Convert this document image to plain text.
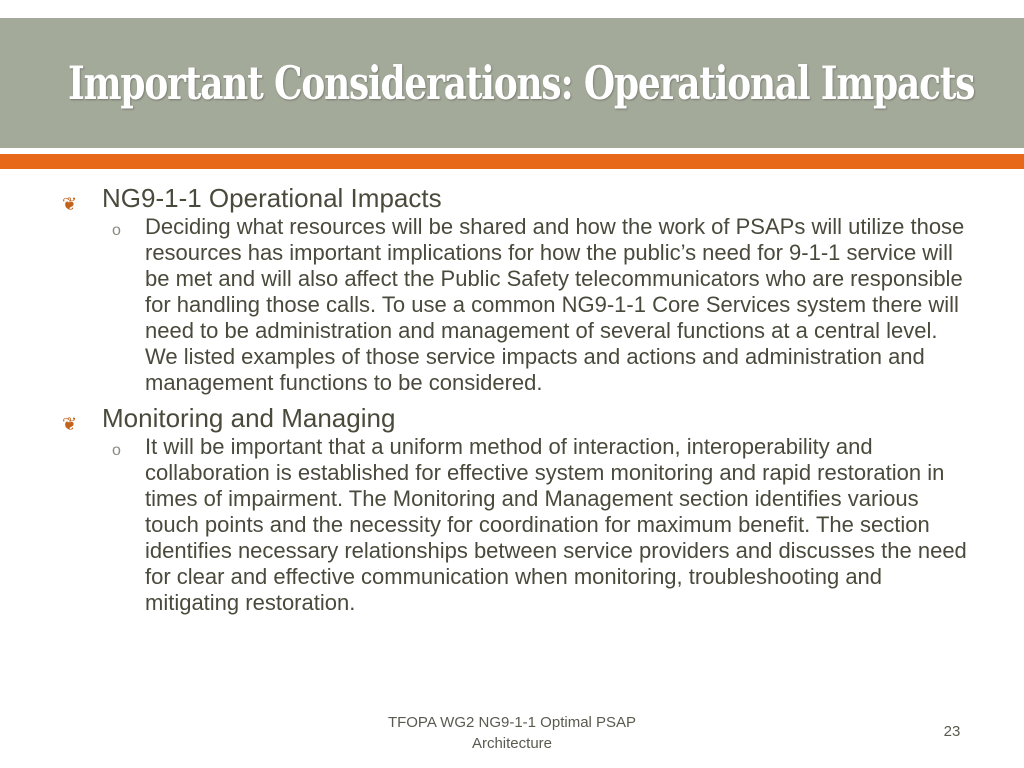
Important Considerations: Operational Impacts
❦ NG9-1-1 Operational Impacts
o Deciding what resources will be shared and how the work of PSAPs will utilize those resources has important implications for how the public’s need for 9-1-1 service will be met and will also affect the Public Safety telecommunicators who are responsible for handling those calls. To use a common NG9-1-1 Core Services system there will need to be administration and management of several functions at a central level. We listed examples of those service impacts and actions and administration and management functions to be considered.
❦ Monitoring and Managing
o It will be important that a uniform method of interaction, interoperability and collaboration is established for effective system monitoring and rapid restoration in times of impairment. The Monitoring and Management section identifies various touch points and the necessity for coordination for maximum benefit. The section identifies necessary relationships between service providers and discusses the need for clear and effective communication when monitoring, troubleshooting and mitigating restoration.
TFOPA WG2 NG9-1-1 Optimal PSAP Architecture
23
